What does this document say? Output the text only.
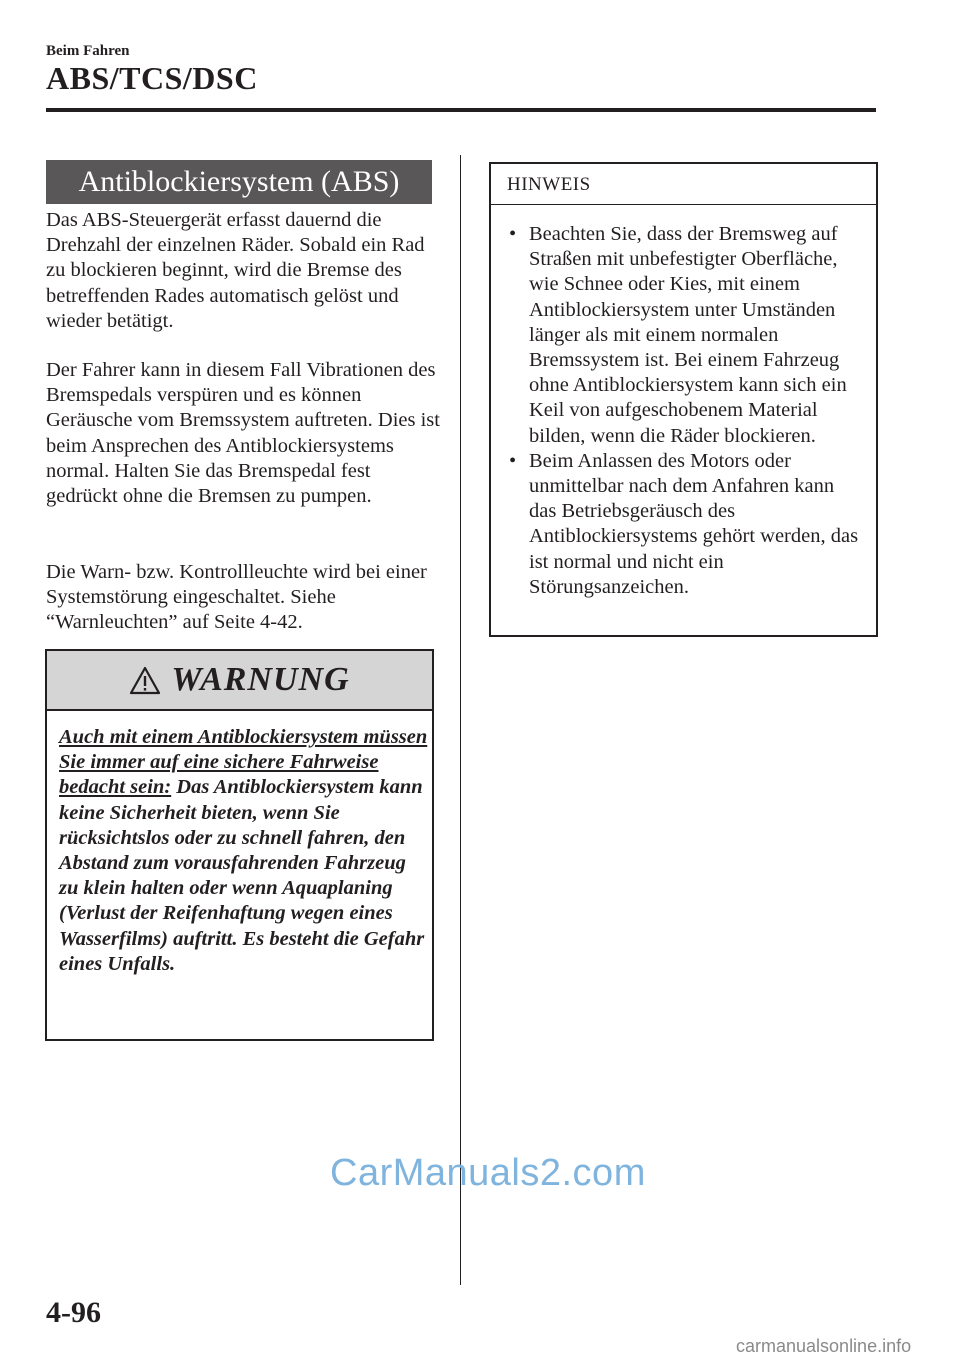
Beim Fahren
ABS/TCS/DSC
Antiblockiersystem (ABS)
Das ABS-Steuergerät erfasst dauernd die Drehzahl der einzelnen Räder. Sobald ein Rad zu blockieren beginnt, wird die Bremse des betreffenden Rades automatisch gelöst und wieder betätigt.
Der Fahrer kann in diesem Fall Vibrationen des Bremspedals verspüren und es können Geräusche vom Bremssystem auftreten. Dies ist beim Ansprechen des Antiblockiersystems normal. Halten Sie das Bremspedal fest gedrückt ohne die Bremsen zu pumpen.
Die Warn- bzw. Kontrollleuchte wird bei einer Systemstörung eingeschaltet. Siehe “Warnleuchten” auf Seite 4-42.
WARNUNG
Auch mit einem Antiblockiersystem müssen Sie immer auf eine sichere Fahrweise bedacht sein: Das Antiblockiersystem kann keine Sicherheit bieten, wenn Sie rücksichtslos oder zu schnell fahren, den Abstand zum vorausfahrenden Fahrzeug zu klein halten oder wenn Aquaplaning (Verlust der Reifenhaftung wegen eines Wasserfilms) auftritt. Es besteht die Gefahr eines Unfalls.
HINWEIS
• Beachten Sie, dass der Bremsweg auf Straßen mit unbefestigter Oberfläche, wie Schnee oder Kies, mit einem Antiblockiersystem unter Umständen länger als mit einem normalen Bremssystem ist. Bei einem Fahrzeug ohne Antiblockiersystem kann sich ein Keil von aufgeschobenem Material bilden, wenn die Räder blockieren.
• Beim Anlassen des Motors oder unmittelbar nach dem Anfahren kann das Betriebsgeräusch des Antiblockiersystems gehört werden, das ist normal und nicht ein Störungsanzeichen.
CarManuals2.com
4-96
carmanualsonline.info
